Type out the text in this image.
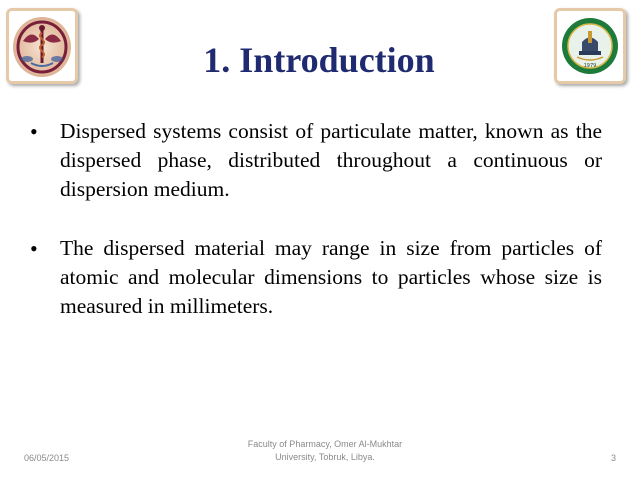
1979
1. Introduction

• Dispersed systems consist of particulate matter, known as the dispersed phase, distributed throughout a continuous or dispersion medium.

• The dispersed material may range in size from particles of atomic and molecular dimensions to particles whose size is measured in millimeters.

06/05/2015
Faculty of Pharmacy, Omer Al-Mukhtar
University, Tobruk, Libya.	3
